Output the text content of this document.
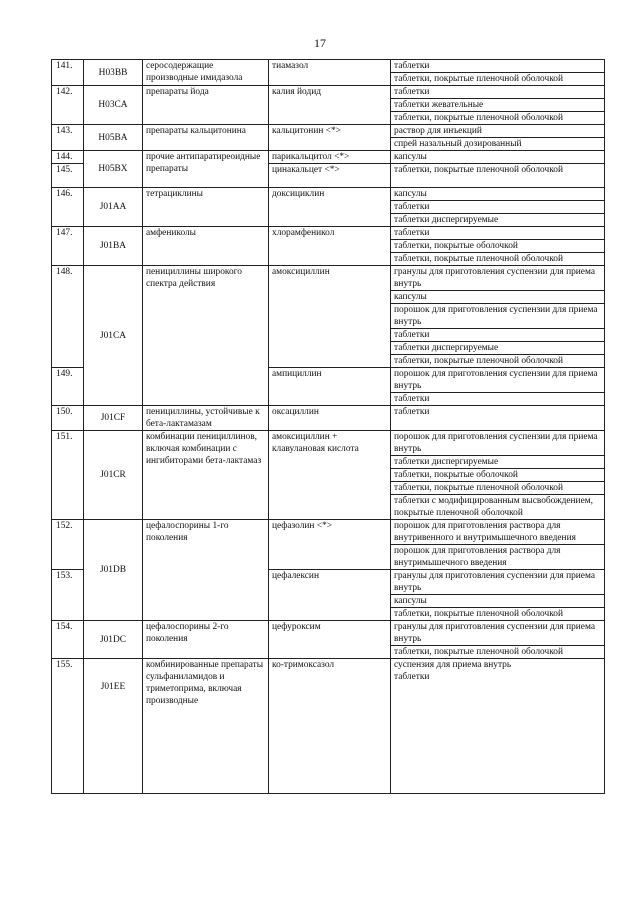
17
141.	H03BB	серосодержащие производные имидазола	тиамазол	таблетки
				таблетки, покрытые пленочной оболочкой
142.	H03CA	препараты йода	калия йодид	таблетки
				таблетки жевательные
				таблетки, покрытые пленочной оболочкой
143.	H05BA	препараты кальцитонина	кальцитонин <*>	раствор для инъекций
				спрей назальный дозированный
144.	H05BX	прочие антипаратиреоидные препараты	парикальцитол <*>	капсулы
145.			цинакальцет <*>	таблетки, покрытые пленочной оболочкой
146.	J01AA	тетрациклины	доксициклин	капсулы
				таблетки
				таблетки диспергируемые
147.	J01BA	амфениколы	хлорамфеникол	таблетки
				таблетки, покрытые оболочкой
				таблетки, покрытые пленочной оболочкой
148.	J01CA	пенициллины широкого спектра действия	амоксициллин	гранулы для приготовления суспензии для приема внутрь
				капсулы
				порошок для приготовления суспензии для приема внутрь
				таблетки
				таблетки диспергируемые
				таблетки, покрытые пленочной оболочкой
149.			ампициллин	порошок для приготовления суспензии для приема внутрь
				таблетки
150.	J01CF	пенициллины, устойчивые к бета-лактамазам	оксациллин	таблетки
151.	J01CR	комбинации пенициллинов, включая комбинации с ингибиторами бета-лактамаз	амоксициллин + клавулановая кислота	порошок для приготовления суспензии для приема внутрь
				таблетки диспергируемые
				таблетки, покрытые оболочкой
				таблетки, покрытые пленочной оболочкой
				таблетки с модифицированным высвобождением, покрытые пленочной оболочкой
152.	J01DB	цефалоспорины 1-го поколения	цефазолин <*>	порошок для приготовления раствора для внутривенного и внутримышечного введения
				порошок для приготовления раствора для внутримышечного введения
153.			цефалексин	гранулы для приготовления суспензии для приема внутрь
				капсулы
				таблетки, покрытые пленочной оболочкой
154.	J01DC	цефалоспорины 2-го поколения	цефуроксим	гранулы для приготовления суспензии для приема внутрь
				таблетки, покрытые пленочной оболочкой
155.	J01EE	комбинированные препараты сульфаниламидов и триметоприма, включая производные	ко-тримоксазол	суспензия для приема внутрь
				таблетки
